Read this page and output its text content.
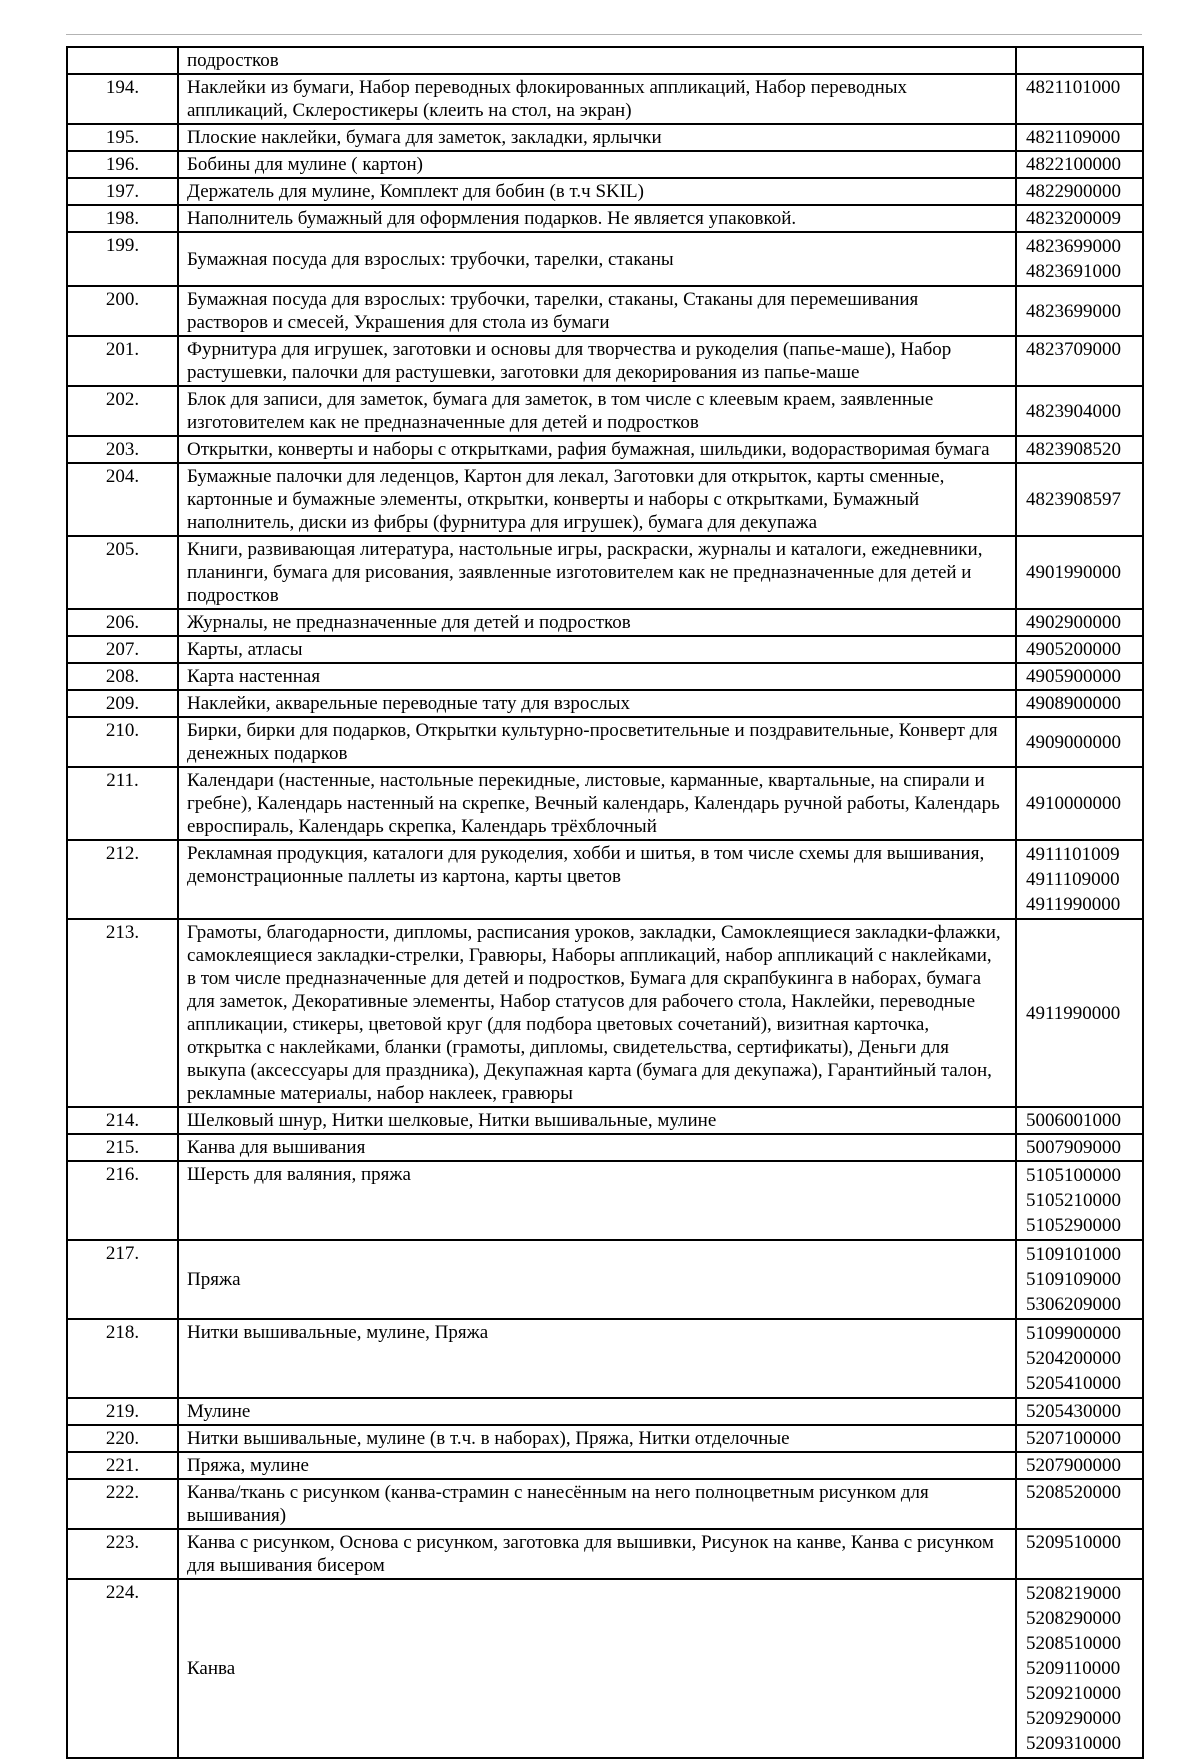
	подростков	
194.	Наклейки из бумаги, Набор переводных флокированных аппликаций, Набор переводных аппликаций, Склеростикеры (клеить на стол, на экран)	4821101000

195.	Плоские наклейки, бумага для заметок, закладки, ярлычки	4821109000

196.	Бобины для мулине ( картон)	4822100000

197.	Держатель для мулине, Комплект для бобин (в т.ч SKIL)	4822900000

198.	Наполнитель бумажный для оформления подарков. Не является упаковкой.	4823200009

199.	Бумажная посуда для взрослых: трубочки, тарелки, стаканы	4823699000
4823691000

200.	Бумажная посуда для взрослых: трубочки, тарелки, стаканы, Стаканы для перемешивания растворов и смесей, Украшения для стола из бумаги	4823699000

201.	Фурнитура для игрушек, заготовки и основы для творчества и рукоделия (папье-маше), Набор растушевки, палочки для растушевки, заготовки для декорирования из папье-маше	4823709000

202.	Блок для записи, для заметок, бумага для заметок, в том числе с клеевым краем, заявленные изготовителем как не предназначенные для детей и подростков	4823904000

203.	Открытки, конверты и наборы с открытками, рафия бумажная, шильдики, водорастворимая бумага	4823908520

204.	Бумажные палочки для леденцов, Картон для лекал, Заготовки для открыток, карты сменные, картонные и бумажные элементы, открытки, конверты и наборы с открытками, Бумажный наполнитель, диски из фибры (фурнитура для игрушек), бумага для декупажа	4823908597

205.	Книги, развивающая литература, настольные игры, раскраски, журналы и каталоги, ежедневники, планинги, бумага для рисования, заявленные изготовителем как не предназначенные для детей и подростков	4901990000

206.	Журналы, не предназначенные для детей и подростков	4902900000

207.	Карты, атласы	4905200000

208.	Карта настенная	4905900000

209.	Наклейки, акварельные переводные тату для взрослых	4908900000

210.	Бирки, бирки для подарков, Открытки культурно-просветительные и поздравительные, Конверт для денежных подарков	4909000000

211.	Календари (настенные, настольные перекидные, листовые, карманные, квартальные, на спирали и гребне), Календарь настенный на скрепке, Вечный календарь, Календарь ручной работы, Календарь евроспираль, Календарь скрепка, Календарь трёхблочный	4910000000

212.	Рекламная продукция, каталоги для рукоделия, хобби и шитья, в том числе схемы для вышивания, демонстрационные паллеты из картона, карты цветов	4911101009
4911109000
4911990000

213.	Грамоты, благодарности, дипломы, расписания уроков, закладки, Самоклеящиеся закладки-флажки, самоклеящиеся закладки-стрелки, Гравюры, Наборы аппликаций, набор аппликаций с наклейками, в том числе предназначенные для детей и подростков, Бумага для скрапбукинга в наборах, бумага для заметок, Декоративные элементы, Набор статусов для рабочего стола, Наклейки, переводные аппликации, стикеры, цветовой круг (для подбора цветовых сочетаний), визитная карточка, открытка с наклейками, бланки (грамоты, дипломы, свидетельства, сертификаты), Деньги для выкупа (аксессуары для праздника), Декупажная карта (бумага для декупажа), Гарантийный талон, рекламные материалы, набор наклеек, гравюры	4911990000

214.	Шелковый шнур, Нитки шелковые, Нитки вышивальные, мулине	5006001000

215.	Канва для вышивания	5007909000

216.	Шерсть для валяния, пряжа	5105100000
5105210000
5105290000

217.	Пряжа	5109101000
5109109000
5306209000

218.	Нитки вышивальные, мулине, Пряжа	5109900000
5204200000
5205410000

219.	Мулине	5205430000

220.	Нитки вышивальные, мулине (в т.ч. в наборах), Пряжа, Нитки отделочные	5207100000

221.	Пряжа, мулине	5207900000

222.	Канва/ткань с рисунком (канва-страмин с нанесённым на него полноцветным рисунком для вышивания)	5208520000

223.	Канва с рисунком, Основа с рисунком, заготовка для вышивки, Рисунок на канве, Канва с рисунком для вышивания бисером	5209510000

224.	Канва	
5208219000
5208290000
5208510000
5209110000
5209210000
5209290000
5209310000
